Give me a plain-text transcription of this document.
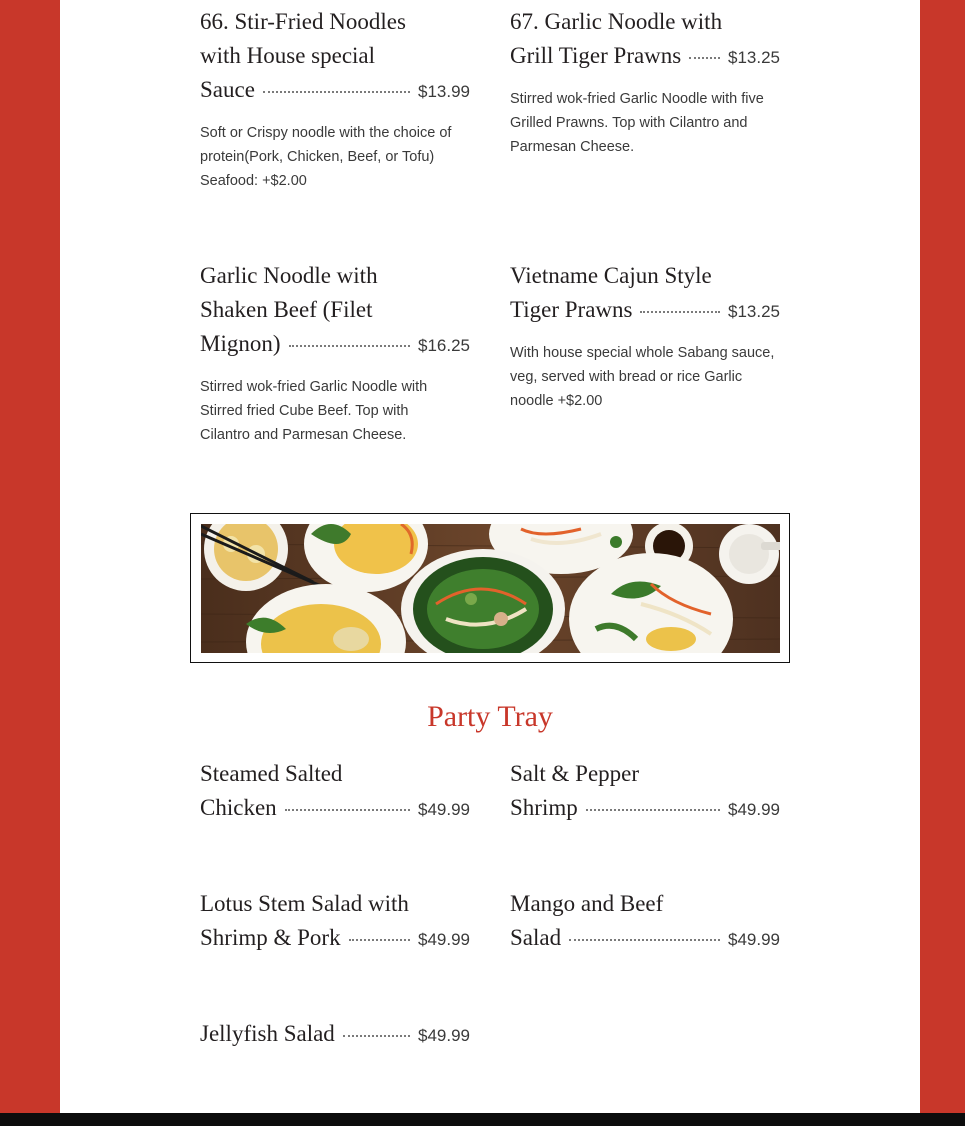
66. Stir-Fried Noodles
with House special
Sauce	$13.99
Soft or Crispy noodle with the choice of
protein(Pork, Chicken, Beef, or Tofu)
Seafood: +$2.00
67. Garlic Noodle with
Grill Tiger Prawns	$13.25
Stirred wok-fried Garlic Noodle with five
Grilled Prawns. Top with Cilantro and
Parmesan Cheese.
Garlic Noodle with
Shaken Beef (Filet
Mignon)	$16.25
Stirred wok-fried Garlic Noodle with
Stirred fried Cube Beef. Top with
Cilantro and Parmesan Cheese.
Vietname Cajun Style
Tiger Prawns	$13.25
With house special whole Sabang sauce,
veg, served with bread or rice Garlic
noodle +$2.00
Party Tray
Steamed Salted
Chicken	$49.99
Salt & Pepper
Shrimp	$49.99
Lotus Stem Salad with
Shrimp & Pork	$49.99
Mango and Beef
Salad	$49.99
Jellyfish Salad	$49.99
